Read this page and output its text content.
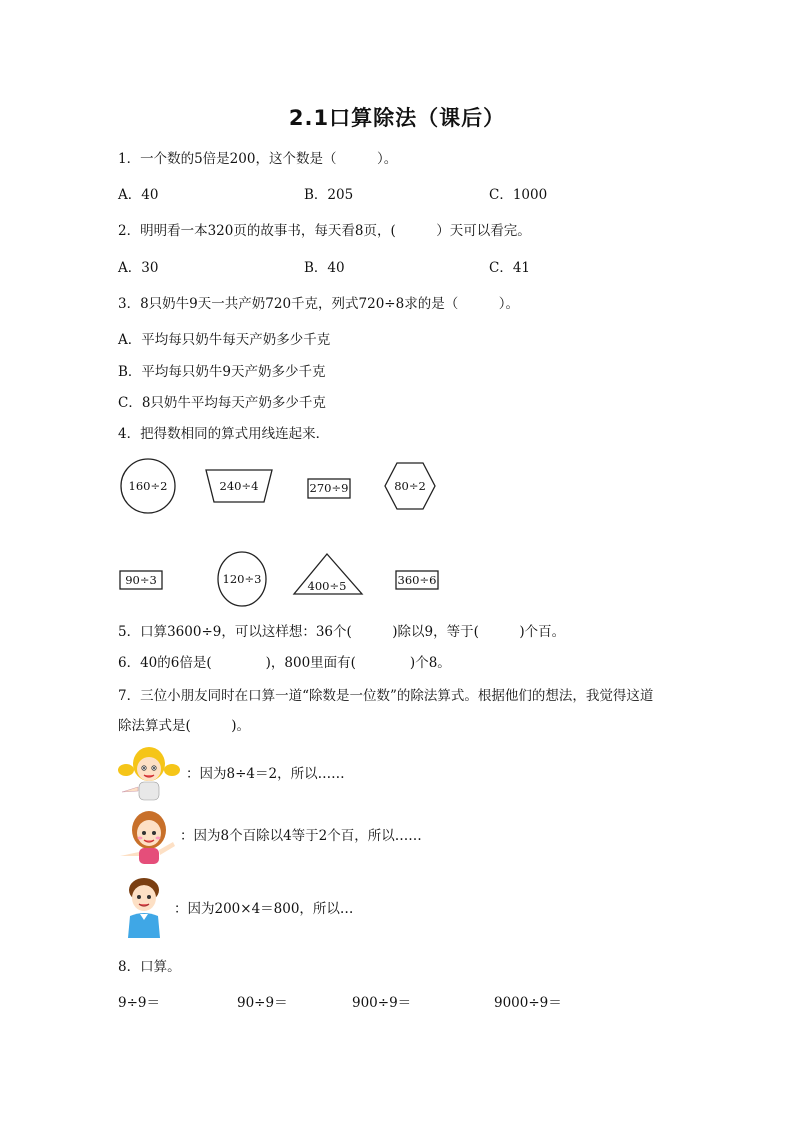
2.1口算除法（课后）
1．一个数的5倍是200，这个数是（　　　）。
A．40	B．205	C．1000
2．明明看一本320页的故事书，每天看8页，(　　　）天可以看完。
A．30	B．40	C．41
3．8只奶牛9天一共产奶720千克，列式720÷8求的是（　　　）。
A．平均每只奶牛每天产奶多少千克
B．平均每只奶牛9天产奶多少千克
C．8只奶牛平均每天产奶多少千克
4．把得数相同的算式用线连起来．
160÷2	240÷4	270÷9	80÷2
90÷3	120÷3	400÷5	360÷6
5．口算3600÷9，可以这样想：36个(　　　)除以9，等于(　　　)个百。
6．40的6倍是(　　　　)，800里面有(　　　　)个8。
7．三位小朋友同时在口算一道“除数是一位数”的除法算式。根据他们的想法，我觉得这道
除法算式是(　　　)。
：因为8÷4＝2，所以……
：因为8个百除以4等于2个百，所以……
：因为200×4＝800，所以…
8．口算。
9÷9＝	90÷9＝	900÷9＝	9000÷9＝
